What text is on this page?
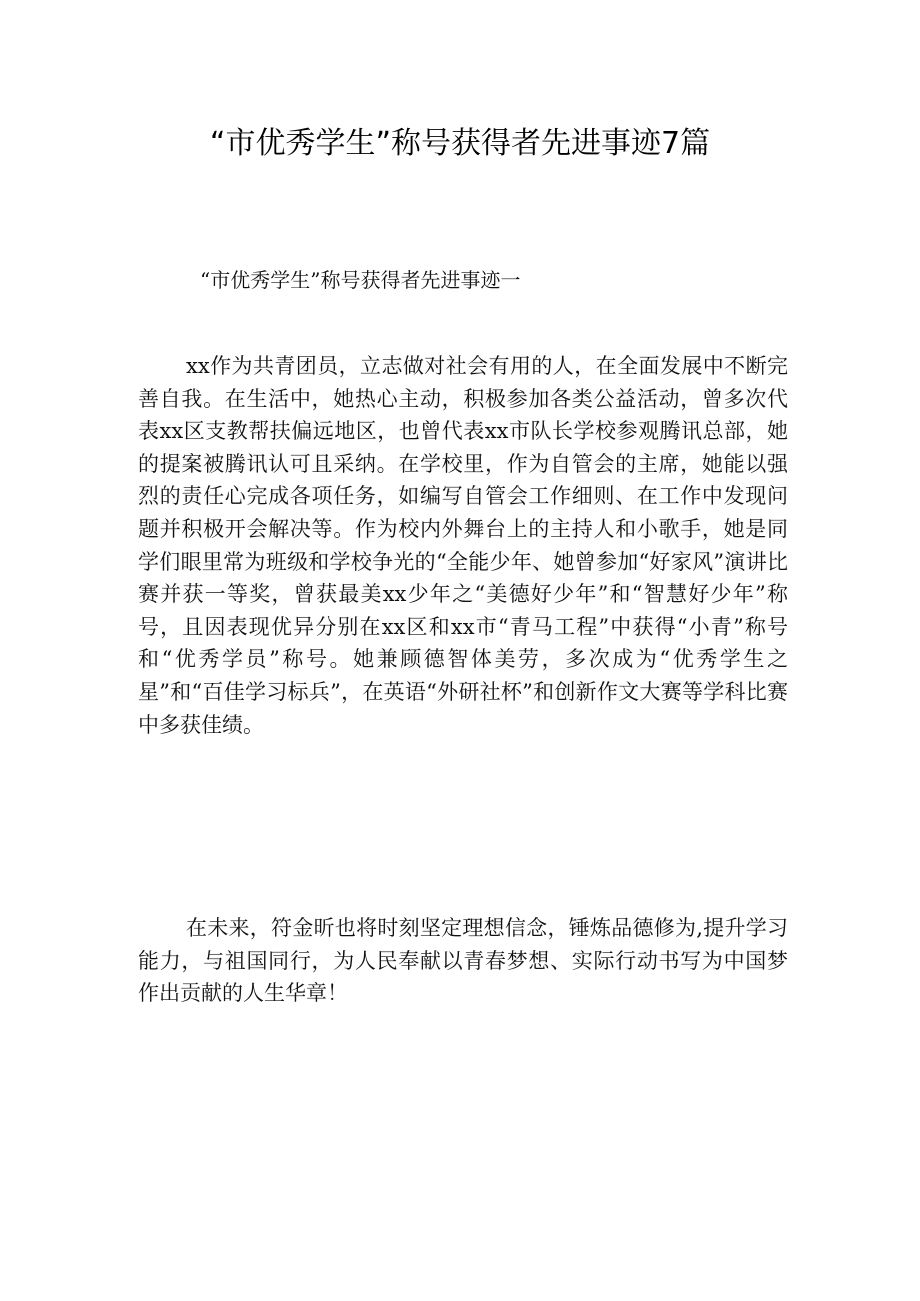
“市优秀学生”称号获得者先进事迹7篇

“市优秀学生”称号获得者先进事迹一

xx作为共青团员，立志做对社会有用的人，在全面发展中不断完善自我。在生活中，她热心主动，积极参加各类公益活动，曾多次代表xx区支教帮扶偏远地区，也曾代表xx市队长学校参观腾讯总部，她的提案被腾讯认可且采纳。在学校里，作为自管会的主席，她能以强烈的责任心完成各项任务，如编写自管会工作细则、在工作中发现问题并积极开会解决等。作为校内外舞台上的主持人和小歌手，她是同学们眼里常为班级和学校争光的“全能少年、她曾参加“好家风”演讲比赛并获一等奖，曾获最美xx少年之“美德好少年”和“智慧好少年”称号，且因表现优异分别在xx区和xx市“青马工程”中获得“小青”称号和“优秀学员”称号。她兼顾德智体美劳，多次成为“优秀学生之星”和“百佳学习标兵”，在英语“外研社杯”和创新作文大赛等学科比赛中多获佳绩。

在未来，符金昕也将时刻坚定理想信念，锤炼品德修为,提升学习能力，与祖国同行，为人民奉献以青春梦想、实际行动书写为中国梦作出贡献的人生华章！
